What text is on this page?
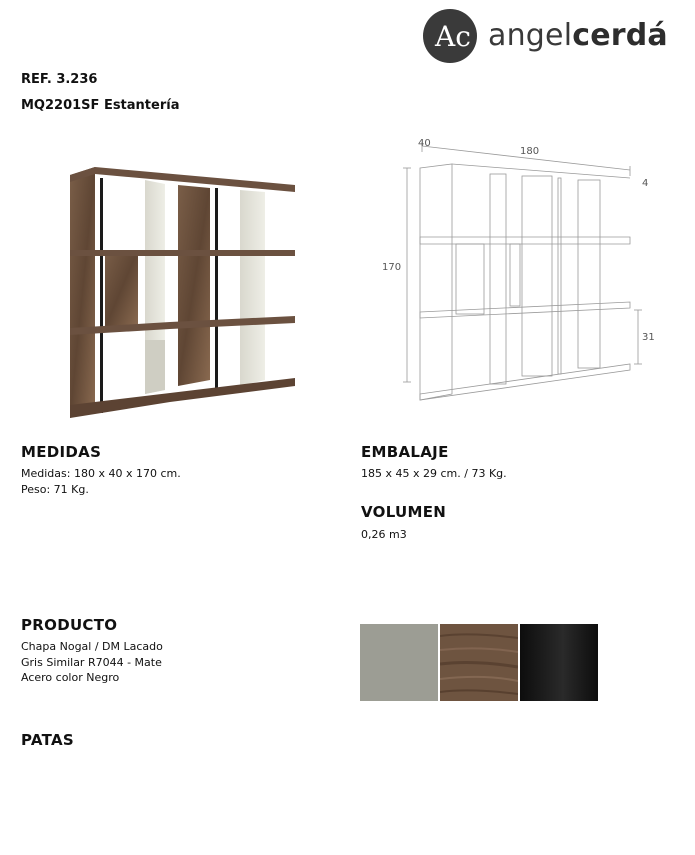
Ac angelcerdá
REF. 3.236
MQ2201SF Estantería
40
180
170
4
31
MEDIDAS
Medidas: 180 x 40 x 170 cm.
Peso: 71 Kg.
EMBALAJE
185 x 45 x 29 cm. / 73 Kg.
VOLUMEN
0,26 m3
PRODUCTO
Chapa Nogal / DM Lacado
Gris Similar R7044 - Mate
Acero color Negro
PATAS
